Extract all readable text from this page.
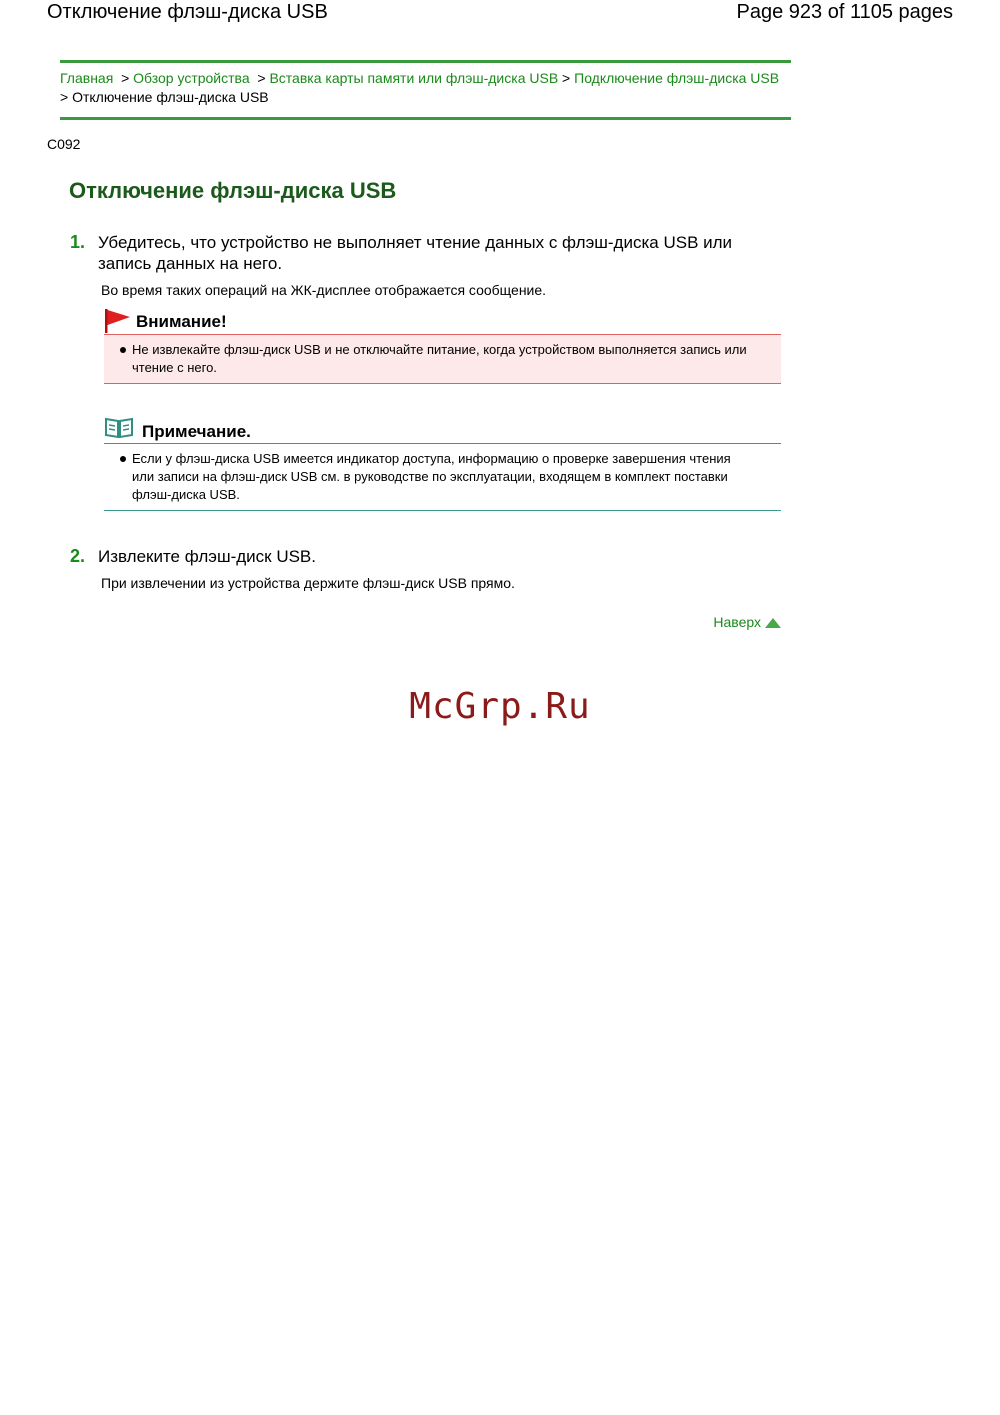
Отключение флэш-диска USB	Page 923 of 1105 pages
Главная > Обзор устройства > Вставка карты памяти или флэш-диска USB > Подключение флэш-диска USB > Отключение флэш-диска USB
C092
Отключение флэш-диска USB
1. Убедитесь, что устройство не выполняет чтение данных с флэш-диска USB или запись данных на него.
Во время таких операций на ЖК-дисплее отображается сообщение.
Внимание!
Не извлекайте флэш-диск USB и не отключайте питание, когда устройством выполняется запись или чтение с него.
Примечание.
Если у флэш-диска USB имеется индикатор доступа, информацию о проверке завершения чтения или записи на флэш-диск USB см. в руководстве по эксплуатации, входящем в комплект поставки флэш-диска USB.
2. Извлеките флэш-диск USB.
При извлечении из устройства держите флэш-диск USB прямо.
Наверх
McGrp.Ru
